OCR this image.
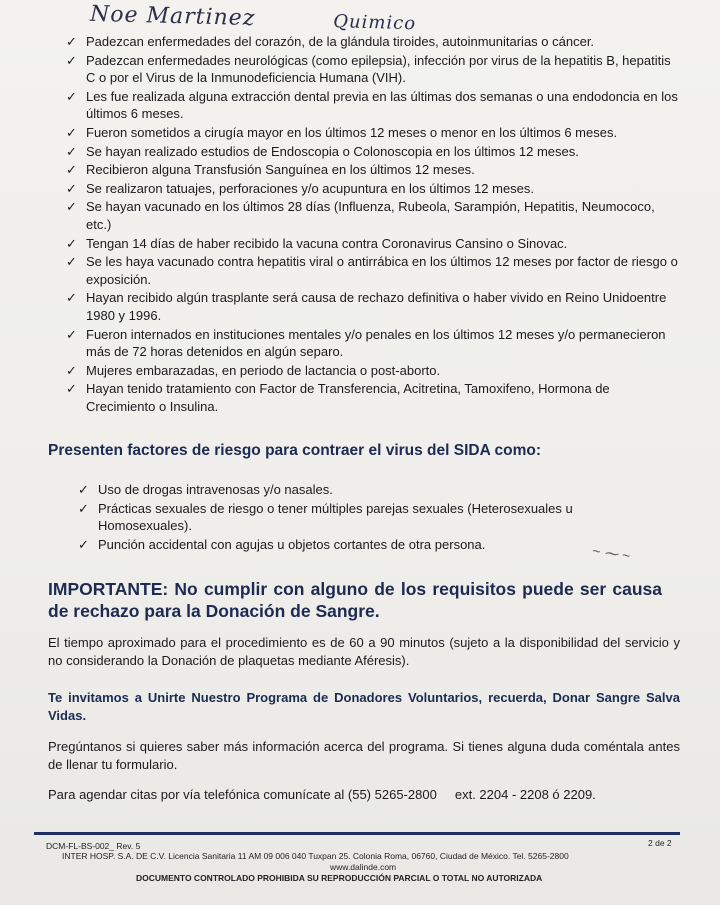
Noe Martinez	Quimico
✓ Padezcan enfermedades del corazón, de la glándula tiroides, autoinmunitarias o cáncer.
✓ Padezcan enfermedades neurológicas (como epilepsia), infección por virus de la hepatitis B, hepatitis C o por el Virus de la Inmunodeficiencia Humana (VIH).
✓ Les fue realizada alguna extracción dental previa en las últimas dos semanas o una endodoncia en los últimos 6 meses.
✓ Fueron sometidos a cirugía mayor en los últimos 12 meses o menor en los últimos 6 meses.
✓ Se hayan realizado estudios de Endoscopia o Colonoscopia en los últimos 12 meses.
✓ Recibieron alguna Transfusión Sanguínea en los últimos 12 meses.
✓ Se realizaron tatuajes, perforaciones y/o acupuntura en los últimos 12 meses.
✓ Se hayan vacunado en los últimos 28 días (Influenza, Rubeola, Sarampión, Hepatitis, Neumococo, etc.)
✓ Tengan 14 días de haber recibido la vacuna contra Coronavirus Cansino o Sinovac.
✓ Se les haya vacunado contra hepatitis viral o antirrábica en los últimos 12 meses por factor de riesgo o exposición.
✓ Hayan recibido algún trasplante será causa de rechazo definitiva o haber vivido en Reino Unidoentre 1980 y 1996.
✓ Fueron internados en instituciones mentales y/o penales en los últimos 12 meses y/o permanecieron más de 72 horas detenidos en algún separo.
✓ Mujeres embarazadas, en periodo de lactancia o post-aborto.
✓ Hayan tenido tratamiento con Factor de Transferencia, Acitretina, Tamoxifeno, Hormona de Crecimiento o Insulina.
Presenten factores de riesgo para contraer el virus del SIDA como:
✓ Uso de drogas intravenosas y/o nasales.
✓ Prácticas sexuales de riesgo o tener múltiples parejas sexuales (Heterosexuales u Homosexuales).
✓ Punción accidental con agujas u objetos cortantes de otra persona.	~ ⁓ ~
IMPORTANTE: No cumplir con alguno de los requisitos puede ser causa de rechazo para la Donación de Sangre.
El tiempo aproximado para el procedimiento es de 60 a 90 minutos (sujeto a la disponibilidad del servicio y no considerando la Donación de plaquetas mediante Aféresis).
Te invitamos a Unirte Nuestro Programa de Donadores Voluntarios, recuerda, Donar Sangre Salva Vidas.
Pregúntanos si quieres saber más información acerca del programa. Si tienes alguna duda coméntala antes de llenar tu formulario.
Para agendar citas por vía telefónica comunícate al (55) 5265-2800     ext. 2204 - 2208 ó 2209.
DCM-FL-BS-002_ Rev. 5
INTER HOSP. S.A. DE C.V. Licencia Sanitaria 11 AM 09 006 040 Tuxpan 25. Colonia Roma, 06760, Ciudad de México. Tel. 5265-2800
www.dalinde.com
DOCUMENTO CONTROLADO PROHIBIDA SU REPRODUCCIÓN PARCIAL O TOTAL NO AUTORIZADA
2 de 2
